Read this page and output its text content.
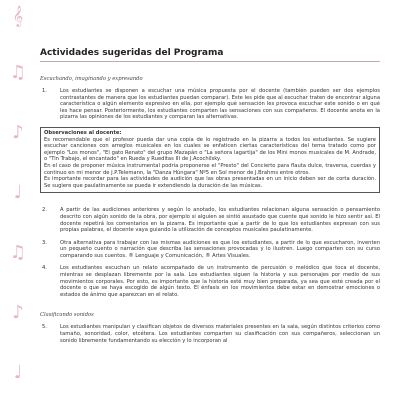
𝄞
♫
♪
♩
♫
♪
♩
Actividades sugeridas del Programa
Escuchando, imaginando y expresando
1.	Los estudiantes se disponen a escuchar una música propuesta por el docente (también pueden ser dos ejemplos contrastantes de manera que los estudiantes puedan comparar). Este les pide que al escuchar traten de encontrar alguna característica o algún elemento expresivo en ella, por ejemplo qué sensación les provoca escuchar este sonido o en qué les hace pensar. Posteriormente, los estudiantes comparten las sensaciones con sus compañeros. El docente anota en la pizarra las opiniones de los estudiantes y comparan las alternativas.
Observaciones al docente:

Es recomendable que el profesor pueda dar una copia de lo registrado en la pizarra a todos los estudiantes. Se sugiere escuchar canciones con arreglos musicales en los cuales se enfaticen ciertas características del tema tratado como por ejemplo "Los monos", "El gato Renato" del grupo Mazapán o "La señora lagartija" de los Mini monos musicales de M. Andrade, o "Tin Trabajo, el encantado" en Rueda y Rueditas III de J.Acochilsky.

En el caso de proponer música instrumental podría proponerse el "Presto" del Concierto para flauta dulce, traversa, cuerdas y continuo en mi menor de J.P.Telemann, la "Danza Húngara" Nº5 en Sol menor de J.Brahms entre otros.

Es importante recordar para las actividades de audición que las obras presentadas en un inicio deben ser de corta duración. Se sugiere que paulatinamente se pueda ir extendiendo la duración de las músicas.

2.	A partir de las audiciones anteriores y según lo anotado, los estudiantes relacionan alguna sensación o pensamiento descrito con algún sonido de la obra, por ejemplo si alguien se sintió asustado que cuente qué sonido le hizo sentir así. El docente repetirá los comentarios en la pizarra. Es importante que a partir de lo que los estudiantes expresan con sus propias palabras, el docente vaya guiando la utilización de conceptos musicales paulatinamente.
3.	Otra alternativa para trabajar con las mismas audiciones es que los estudiantes, a partir de lo que escucharon, inventen un pequeño cuento o narración que describa las sensaciones provocadas y lo ilustren. Luego comparten con su curso comparando sus cuentos. ® Lenguaje y Comunicación, ® Artes Visuales.
4.	Los estudiantes escuchan un relato acompañado de un instrumento de percusión o melódico que toca el docente, mientras se desplazan libremente por la sala. Los estudiantes siguen la historia y sus personajes por medio de sus movimientos corporales. Por esto, es importante que la historia esté muy bien preparada, ya sea que esté creada por el docente o que se haya escogido de algún texto. El énfasis en los movimientos debe estar en demostrar emociones o estados de ánimo que aparezcan en el relato.
Clasificando sonidos
5.	Los estudiantes manipulan y clasifican objetos de diversos materiales presentes en la sala, según distintos criterios como tamaño, sonoridad, color, etcétera. Los estudiantes comparten su clasificación con sus compañeros, seleccionan un sonido libremente fundamentando su elección y lo incorporan al
